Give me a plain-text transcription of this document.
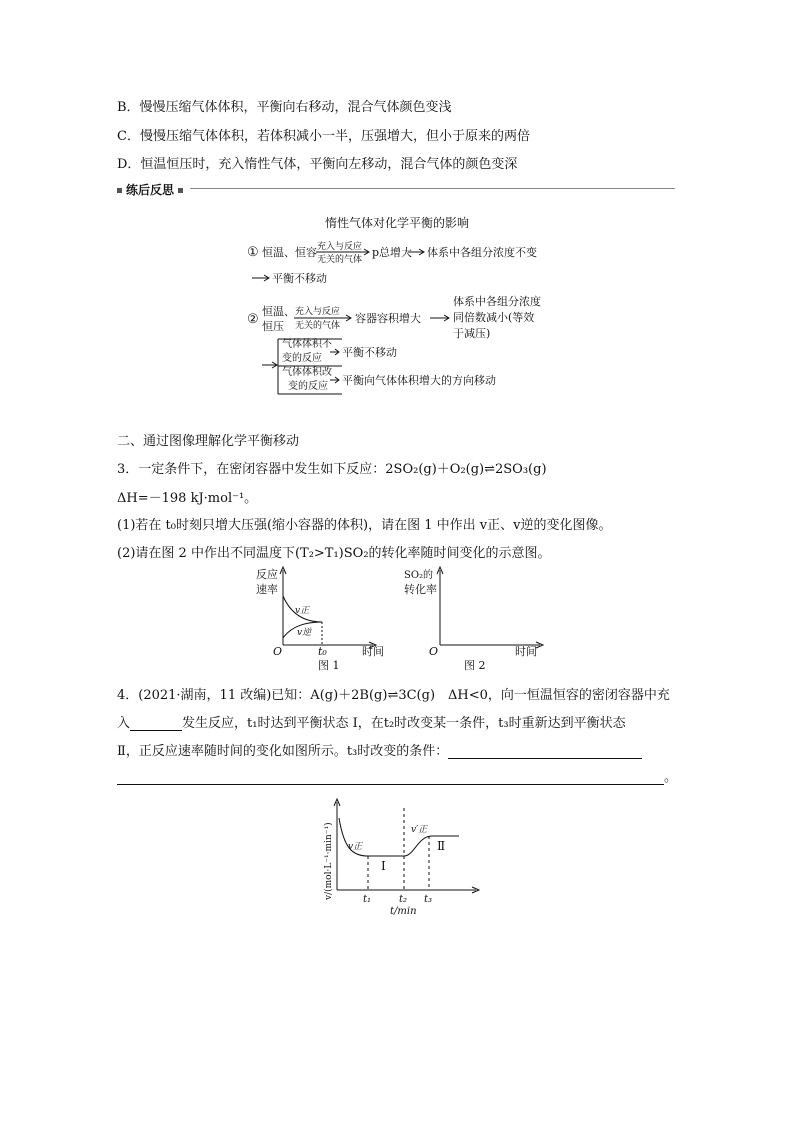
B．慢慢压缩气体体积，平衡向右移动，混合气体颜色变浅
C．慢慢压缩气体体积，若体积减小一半，压强增大，但小于原来的两倍
D．恒温恒压时，充入惰性气体，平衡向左移动，混合气体的颜色变深
练后反思
惰性气体对化学平衡的影响
① 恒温、恒容 充入与反应
无关的气体
p总增大 体系中各组分浓度不变
平衡不移动
②
恒温、
恒压
充入与反应
无关的气体
容器容积增大
体系中各组分浓度
同倍数减小(等效
于减压)
气体体积不
变的反应 平衡不移动
气体体积改
变的反应 平衡向气体体积增大的方向移动
二、通过图像理解化学平衡移动
3．一定条件下，在密闭容器中发生如下反应：2SO₂(g)＋O₂(g)⇌2SO₃(g)
ΔH=－198 kJ·mol⁻¹。
(1)若在 t₀时刻只增大压强(缩小容器的体积)，请在图 1 中作出 v正、v逆的变化图像。
(2)请在图 2 中作出不同温度下(T₂>T₁)SO₂的转化率随时间变化的示意图。
反应
速率
v正
v逆
O	t₀	时间
图 1
SO₂的
转化率
O	时间
图 2
4．(2021·湖南，11 改编)已知：A(g)＋2B(g)⇌3C(g)　ΔH<0，向一恒温恒容的密闭容器中充
入	发生反应，t₁时达到平衡状态 Ⅰ，在t₂时改变某一条件，t₃时重新达到平衡状态
Ⅱ，正反应速率随时间的变化如图所示。t₃时改变的条件：
。
v/(mol·L⁻¹·min⁻¹) v正
v′正
Ⅰ
Ⅱ
t₁	t₂ t₃
t/min
